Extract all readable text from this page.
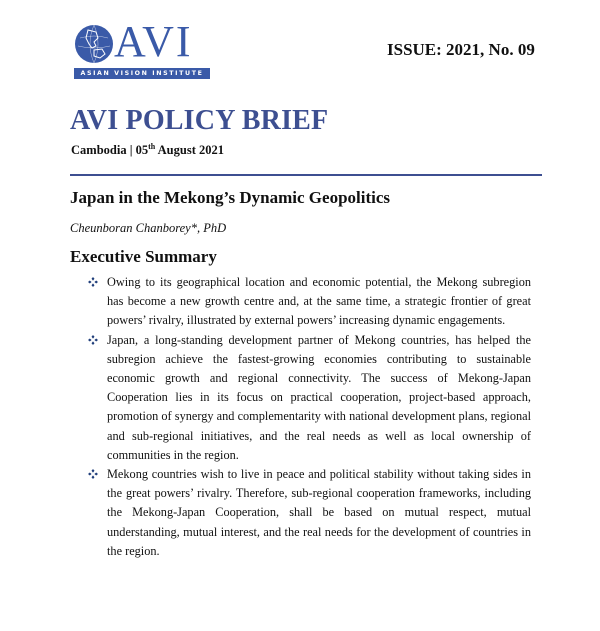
AVI
ASIAN VISION INSTITUTE
ISSUE: 2021, No. 09
AVI POLICY BRIEF
Cambodia | 05th August 2021
Japan in the Mekong’s Dynamic Geopolitics
Cheunboran Chanborey*, PhD
Executive Summary
Owing to its geographical location and economic potential, the Mekong subregion has become a new growth centre and, at the same time, a strategic frontier of great powers’ rivalry, illustrated by external powers’ increasing dynamic engagements.
Japan, a long-standing development partner of Mekong countries, has helped the subregion achieve the fastest-growing economies contributing to sustainable economic growth and regional connectivity. The success of Mekong-Japan Cooperation lies in its focus on practical cooperation, project-based approach, promotion of synergy and complementarity with national development plans, regional and sub-regional initiatives, and the real needs as well as local ownership of communities in the region.
Mekong countries wish to live in peace and political stability without taking sides in the great powers’ rivalry. Therefore, sub-regional cooperation frameworks, including the Mekong-Japan Cooperation, shall be based on mutual respect, mutual understanding, mutual interest, and the real needs for the development of countries in the region.
